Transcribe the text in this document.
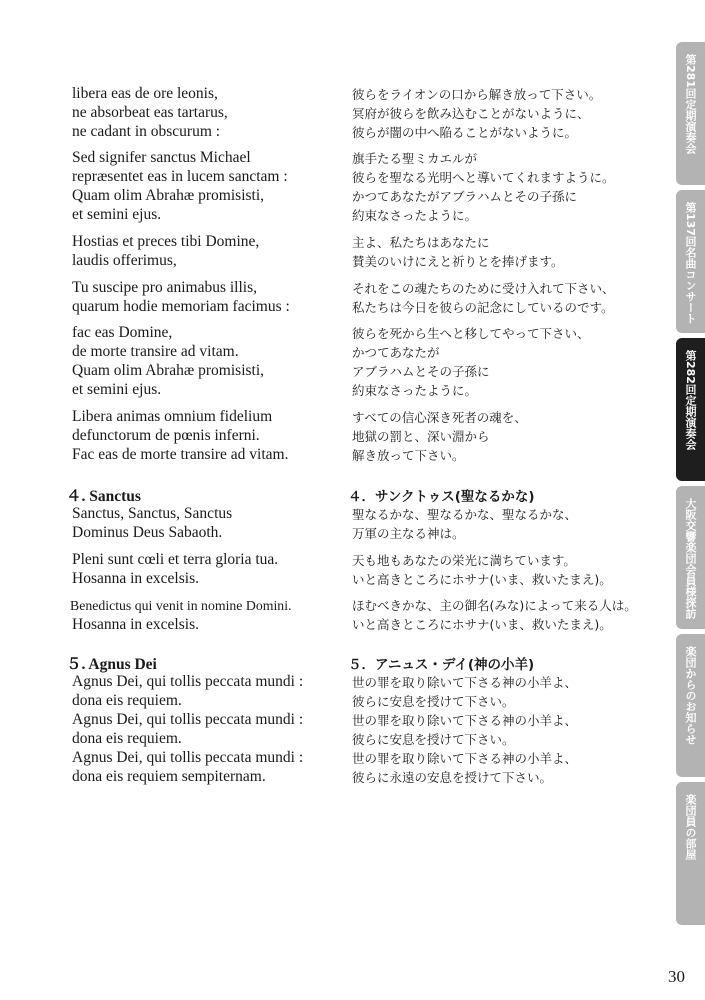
libera eas de ore leonis,
ne absorbeat eas tartarus,
ne cadant in obscurum :
彼らをライオンの口から解き放って下さい。
冥府が彼らを飲み込むことがないように、
彼らが闇の中へ陥ることがないように。
Sed signifer sanctus Michael
repræsentet eas in lucem sanctam :
Quam olim Abrahæ promisisti,
et semini ejus.
旗手たる聖ミカエルが
彼らを聖なる光明へと導いてくれますように。
かつてあなたがアブラハムとその子孫に
約束なさったように。
Hostias et preces tibi Domine,
laudis offerimus,
主よ、私たちはあなたに
賛美のいけにえと祈りとを捧げます。
Tu suscipe pro animabus illis,
quarum hodie memoriam facimus :
それをこの魂たちのために受け入れて下さい、
私たちは今日を彼らの記念にしているのです。
fac eas Domine,
de morte transire ad vitam.
Quam olim Abrahæ promisisti,
et semini ejus.
彼らを死から生へと移してやって下さい、
かつてあなたが
アブラハムとその子孫に
約束なさったように。
Libera animas omnium fidelium
defunctorum de pœnis inferni.
Fac eas de morte transire ad vitam.
すべての信心深き死者の魂を、
地獄の罰と、深い淵から
解き放って下さい。
４. Sanctus	４．サンクトゥス(聖なるかな)
Sanctus, Sanctus, Sanctus
Dominus Deus Sabaoth.
聖なるかな、聖なるかな、聖なるかな、
万軍の主なる神は。
Pleni sunt cœli et terra gloria tua.
Hosanna in excelsis.
天も地もあなたの栄光に満ちています。
いと高きところにホサナ(いま、救いたまえ)。
Benedictus qui venit in nomine Domini.
Hosanna in excelsis.
ほむべきかな、主の御名(みな)によって来る人は。
いと高きところにホサナ(いま、救いたまえ)。
５. Agnus Dei	５．アニュス・デイ(神の小羊)
Agnus Dei, qui tollis peccata mundi :
dona eis requiem.
Agnus Dei, qui tollis peccata mundi :
dona eis requiem.
Agnus Dei, qui tollis peccata mundi :
dona eis requiem sempiternam.
世の罪を取り除いて下さる神の小羊よ、
彼らに安息を授けて下さい。
世の罪を取り除いて下さる神の小羊よ、
彼らに安息を授けて下さい。
世の罪を取り除いて下さる神の小羊よ、
彼らに永遠の安息を授けて下さい。
第281回定期演奏会
第137回名曲コンサート
第282回定期演奏会
大阪交響楽団会員様探訪
楽団からのお知らせ
楽団員の部屋
30
